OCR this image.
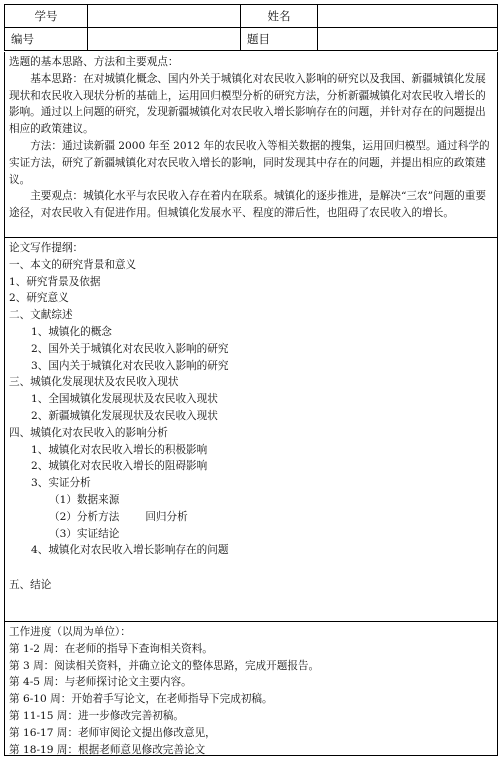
学号		姓名	
编号		题目	

选题的基本思路、方法和主要观点：

基本思路：在对城镇化概念、国内外关于城镇化对农民收入影响的研究以及我国、新疆城镇化发展现状和农民收入现状分析的基础上，运用回归模型分析的研究方法，分析新疆城镇化对农民收入增长的影响。通过以上问题的研究，发现新疆城镇化对农民收入增长影响存在的问题，并针对存在的问题提出相应的政策建议。

方法：通过读新疆 2000 年至 2012 年的农民收入等相关数据的搜集，运用回归模型。通过科学的实证方法，研究了新疆城镇化对农民收入增长的影响，同时发现其中存在的问题，并提出相应的政策建议。

主要观点：城镇化水平与农民收入存在着内在联系。城镇化的逐步推进，是解决“三农”问题的重要途径，对农民收入有促进作用。但城镇化发展水平、程度的滞后性，也阻碍了农民收入的增长。

论文写作提纲：

一、本文的研究背景和意义

1、研究背景及依据

2、研究意义

二、文献综述

1、城镇化的概念

2、国外关于城镇化对农民收入影响的研究

3、国内关于城镇化对农民收入影响的研究

三、城镇化发展现状及农民收入现状

1、全国城镇化发展现状及农民收入现状

2、新疆城镇化发展现状及农民收入现状

四、城镇化对农民收入的影响分析

1、城镇化对农民收入增长的积极影响

2、城镇化对农民收入增长的阻碍影响

3、实证分析

（1）数据来源

（2）分析方法 回归分析

（3）实证结论

4、城镇化对农民收入增长影响存在的问题

五、结论

工作进度（以周为单位）：

第 1-2 周：在老师的指导下查询相关资料。

第 3 周：阅读相关资料，并确立论文的整体思路，完成开题报告。

第 4-5 周：与老师探讨论文主要内容。

第 6-10 周：开始着手写论文，在老师指导下完成初稿。

第 11-15 周：进一步修改完善初稿。

第 16-17 周：老师审阅论文提出修改意见，

第 18-19 周：根据老师意见修改完善论文
